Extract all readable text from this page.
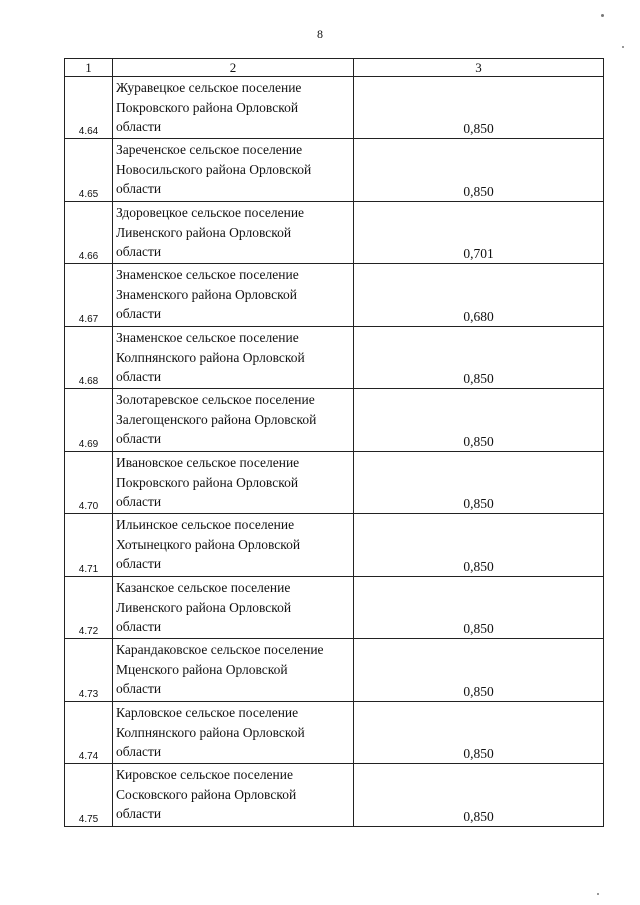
8
1	2	3
4.64	Журавецкое сельское поселение
Покровского района Орловской
области	0,850
4.65	Зареченское сельское поселение
Новосильского района Орловской
области	0,850
4.66	Здоровецкое сельское поселение
Ливенского района Орловской
области	0,701
4.67	Знаменское сельское поселение
Знаменского района Орловской
области	0,680
4.68	Знаменское сельское поселение
Колпнянского района Орловской
области	0,850
4.69	Золотаревское сельское поселение
Залегощенского района Орловской
области	0,850
4.70	Ивановское сельское поселение
Покровского района Орловской
области	0,850
4.71	Ильинское сельское поселение
Хотынецкого района Орловской
области	0,850
4.72	Казанское сельское поселение
Ливенского района Орловской
области	0,850
4.73	Карандаковское сельское поселение
Мценского района Орловской
области	0,850
4.74	Карловское сельское поселение
Колпнянского района Орловской
области	0,850
4.75	Кировское сельское поселение
Сосковского района Орловской
области	0,850
